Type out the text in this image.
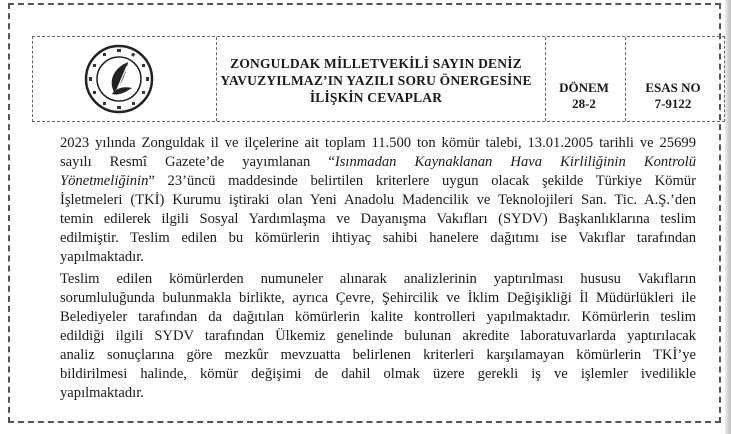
ZONGULDAK MİLLETVEKİLİ SAYIN DENİZ
YAVUZYILMAZ’IN YAZILI SORU ÖNERGESİNE
İLİŞKİN CEVAPLAR
DÖNEM
28-2
ESAS NO
7-9122
2023 yılında Zonguldak il ve ilçelerine ait toplam 11.500 ton kömür talebi, 13.01.2005 tarihli ve 25699
sayılı Resmî Gazete’de yayımlanan “Isınmadan Kaynaklanan Hava Kirliliğinin Kontrolü
Yönetmeliğinin” 23’üncü maddesinde belirtilen kriterlere uygun olacak şekilde Türkiye Kömür
İşletmeleri (TKİ) Kurumu iştiraki olan Yeni Anadolu Madencilik ve Teknolojileri San. Tic. A.Ş.’den
temin edilerek ilgili Sosyal Yardımlaşma ve Dayanışma Vakıfları (SYDV) Başkanlıklarına teslim
edilmiştir. Teslim edilen bu kömürlerin ihtiyaç sahibi hanelere dağıtımı ise Vakıflar tarafından
yapılmaktadır.
Teslim edilen kömürlerden numuneler alınarak analizlerinin yaptırılması hususu Vakıfların
sorumluluğunda bulunmakla birlikte, ayrıca Çevre, Şehircilik ve İklim Değişikliği İl Müdürlükleri ile
Belediyeler tarafından da dağıtılan kömürlerin kalite kontrolleri yapılmaktadır. Kömürlerin teslim
edildiği ilgili SYDV tarafından Ülkemiz genelinde bulunan akredite laboratuvarlarda yaptırılacak
analiz sonuçlarına göre mezkûr mevzuatta belirlenen kriterleri karşılamayan kömürlerin TKİ’ye
bildirilmesi halinde, kömür değişimi de dahil olmak üzere gerekli iş ve işlemler ivedilikle
yapılmaktadır.
